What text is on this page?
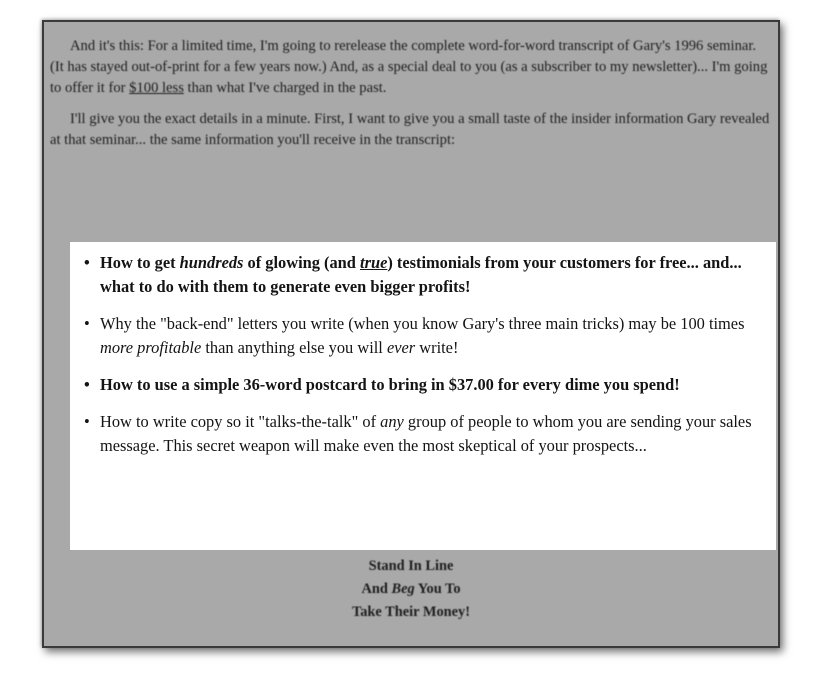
And it's this: For a limited time, I'm going to rerelease the complete word-for-word transcript of Gary's 1996 seminar. (It has stayed out-of-print for a few years now.) And, as a special deal to you (as a subscriber to my newsletter)... I'm going to offer it for $100 less than what I've charged in the past.

I'll give you the exact details in a minute. First, I want to give you a small taste of the insider information Gary revealed at that seminar... the same information you'll receive in the transcript:

• How to get hundreds of glowing (and true) testimonials from your customers for free... and... what to do with them to generate even bigger profits!
• Why the "back-end" letters you write (when you know Gary's three main tricks) may be 100 times more profitable than anything else you will ever write!
• How to use a simple 36-word postcard to bring in $37.00 for every dime you spend!
• How to write copy so it "talks-the-talk" of any group of people to whom you are sending your sales message. This secret weapon will make even the most skeptical of your prospects...
Stand In Line
And Beg You To
Take Their Money!
